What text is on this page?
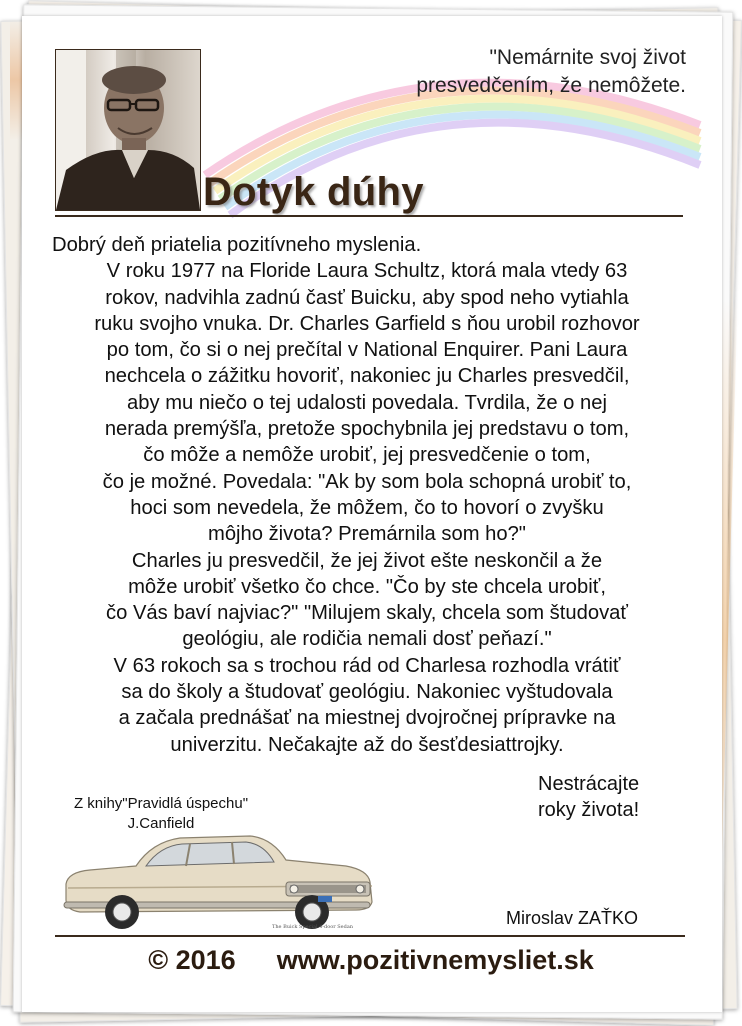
"Nemárnite svoj život
presvedčením, že nemôžete.
Dotyk dúhy
Dobrý deň priatelia pozitívneho myslenia.
V roku 1977 na Floride Laura Schultz, ktorá mala vtedy 63
rokov, nadvihla zadnú časť Buicku, aby spod neho vytiahla
ruku svojho vnuka. Dr. Charles Garfield s ňou urobil rozhovor
po tom, čo si o nej prečítal v National Enquirer. Pani Laura
nechcela o zážitku hovoriť, nakoniec ju Charles presvedčil,
aby mu niečo o tej udalosti povedala. Tvrdila, že o nej
nerada premýšľa, pretože spochybnila jej predstavu o tom,
čo môže a nemôže urobiť, jej presvedčenie o tom,
čo je možné. Povedala: "Ak by som bola schopná urobiť to,
hoci som nevedela, že môžem, čo to hovorí o zvyšku
môjho života? Premárnila som ho?"
Charles ju presvedčil, že jej život ešte neskončil a že
môže urobiť všetko čo chce. "Čo by ste chcela urobiť,
čo Vás baví najviac?" "Milujem skaly, chcela som študovať
geológiu, ale rodičia nemali dosť peňazí."
V 63 rokoch sa s trochou rád od Charlesa rozhodla vrátiť
sa do školy a študovať geológiu. Nakoniec vyštudovala
a začala prednášať na miestnej dvojročnej prípravke na
univerzitu. Nečakajte až do šesťdesiattrojky.
Nestrácajte
roky života!
Z knihy"Pravidlá úspechu"
J.Canfield
The Buick Special 4-door Sedan	Miroslav ZAŤKO
© 2016 www.pozitivnemysliet.sk
